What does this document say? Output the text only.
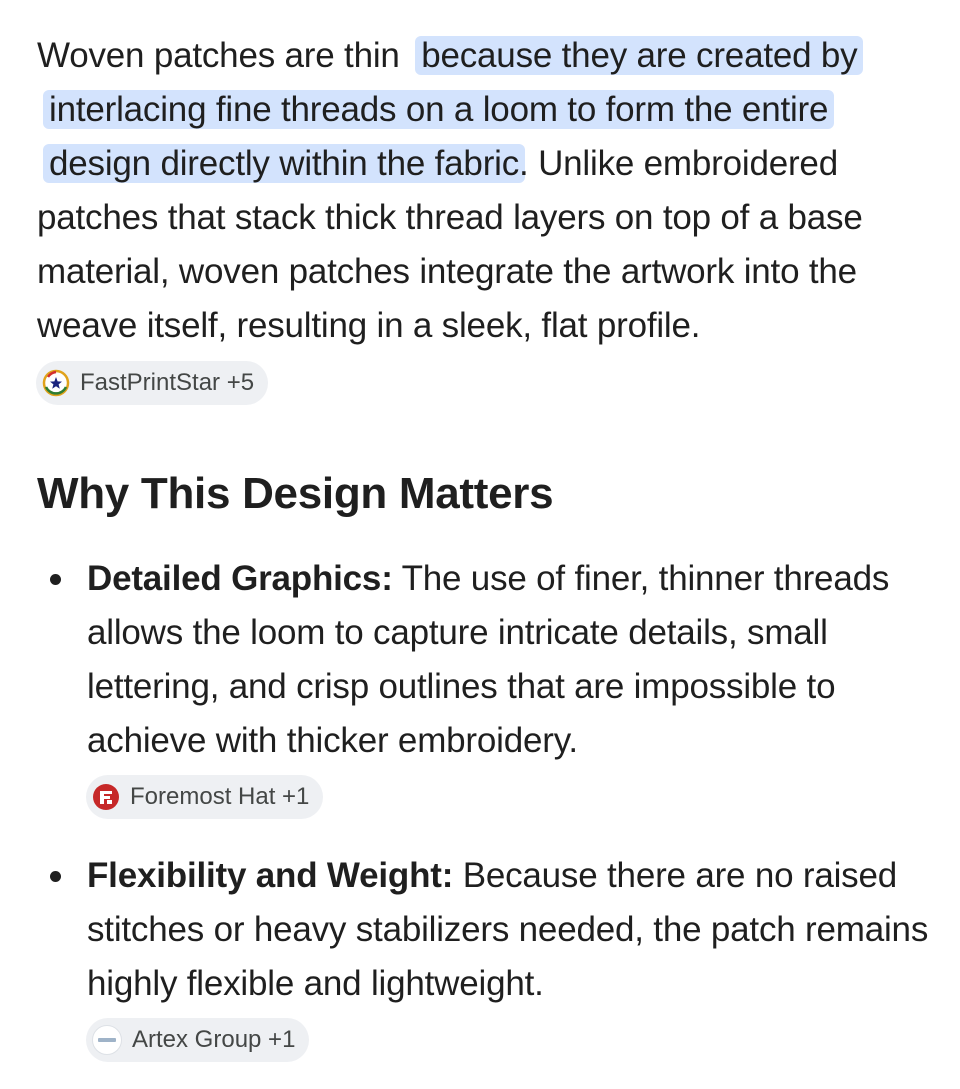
Woven patches are thin because they are created by interlacing fine threads on a loom to form the entire design directly within the fabric. Unlike embroidered patches that stack thick thread layers on top of a base material, woven patches integrate the artwork into the weave itself, resulting in a sleek, flat profile.

FastPrintStar +5
Why This Design Matters

Detailed Graphics: The use of finer, thinner threads allows the loom to capture intricate details, small lettering, and crisp outlines that are impossible to achieve with thicker embroidery.

Foremost Hat +1

Flexibility and Weight: Because there are no raised stitches or heavy stabilizers needed, the patch remains highly flexible and lightweight.

Artex Group +1
